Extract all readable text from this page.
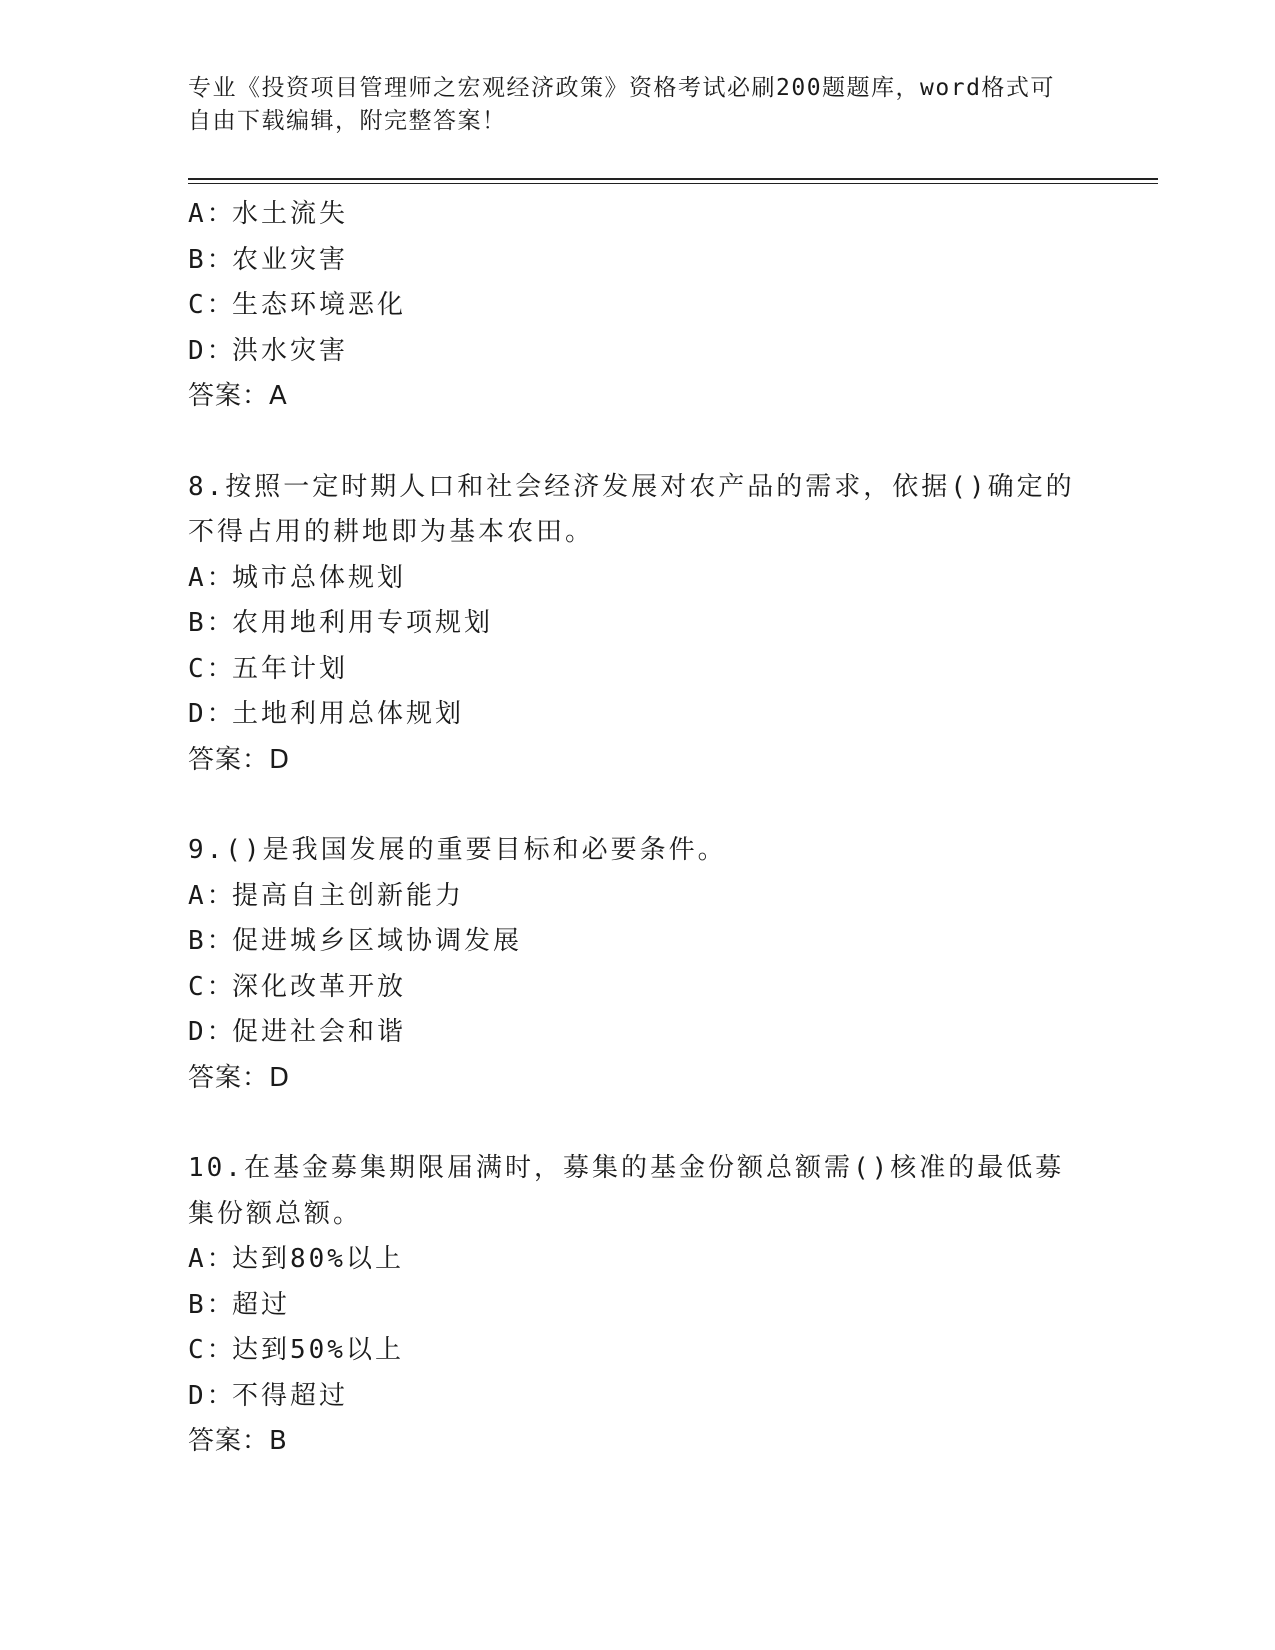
专业《投资项目管理师之宏观经济政策》资格考试必刷200题题库，word格式可自由下载编辑，附完整答案！
A：水土流失
B：农业灾害
C：生态环境恶化
D：洪水灾害
答案：A
8.按照一定时期人口和社会经济发展对农产品的需求，依据()确定的不得占用的耕地即为基本农田。
A：城市总体规划
B：农用地利用专项规划
C：五年计划
D：土地利用总体规划
答案：D
9.()是我国发展的重要目标和必要条件。
A：提高自主创新能力
B：促进城乡区域协调发展
C：深化改革开放
D：促进社会和谐
答案：D
10.在基金募集期限届满时，募集的基金份额总额需()核准的最低募集份额总额。
A：达到80%以上
B：超过
C：达到50%以上
D：不得超过
答案：B
